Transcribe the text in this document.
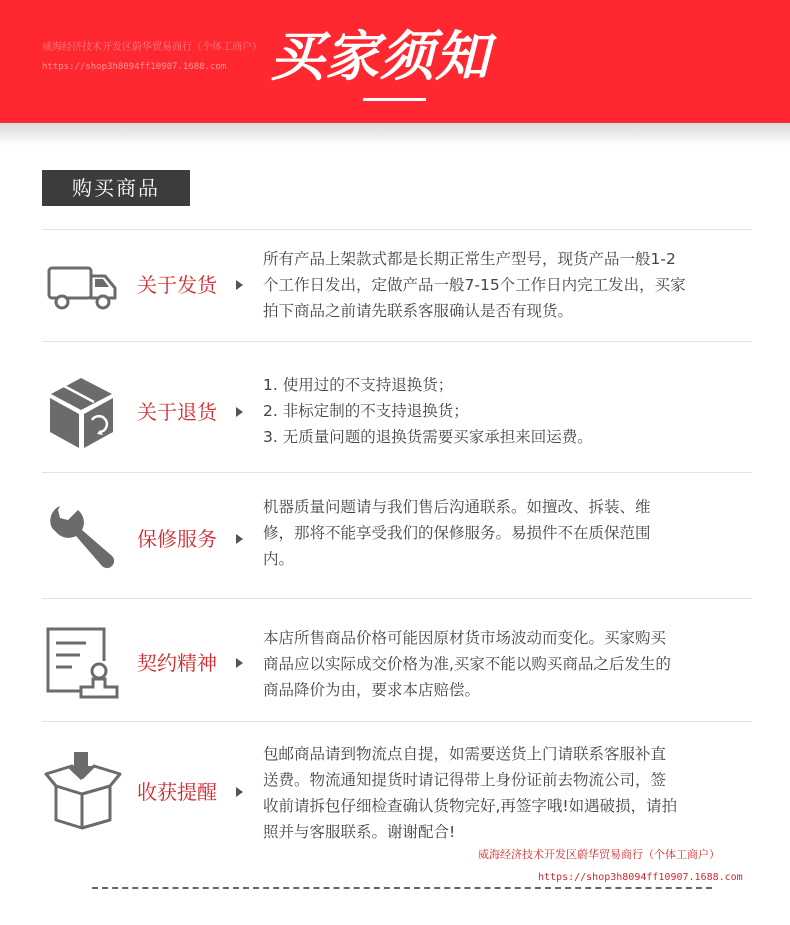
威海经济技术开发区蔚华贸易商行（个体工商户）
https://shop3h8094ff10907.1688.com 买家须知
购买商品
关于发货

所有产品上架款式都是长期正常生产型号，现货产品一般1-2

个工作日发出，定做产品一般7-15个工作日内完工发出，买家

拍下商品之前请先联系客服确认是否有现货。

关于退货

1. 使用过的不支持退换货；

2. 非标定制的不支持退换货；

3. 无质量问题的退换货需要买家承担来回运费。

保修服务

机器质量问题请与我们售后沟通联系。如擅改、拆装、维

修，那将不能享受我们的保修服务。易损件不在质保范围

内。

契约精神

本店所售商品价格可能因原材货市场波动而变化。买家购买

商品应以实际成交价格为准,买家不能以购买商品之后发生的

商品降价为由，要求本店赔偿。

收获提醒

包邮商品请到物流点自提，如需要送货上门请联系客服补直

送费。物流通知提货时请记得带上身份证前去物流公司，签

收前请拆包仔细检查确认货物完好,再签字哦!如遇破损，请拍

照并与客服联系。谢谢配合!

威海经济技术开发区蔚华贸易商行（个体工商户）
https://shop3h8094ff10907.1688.com
